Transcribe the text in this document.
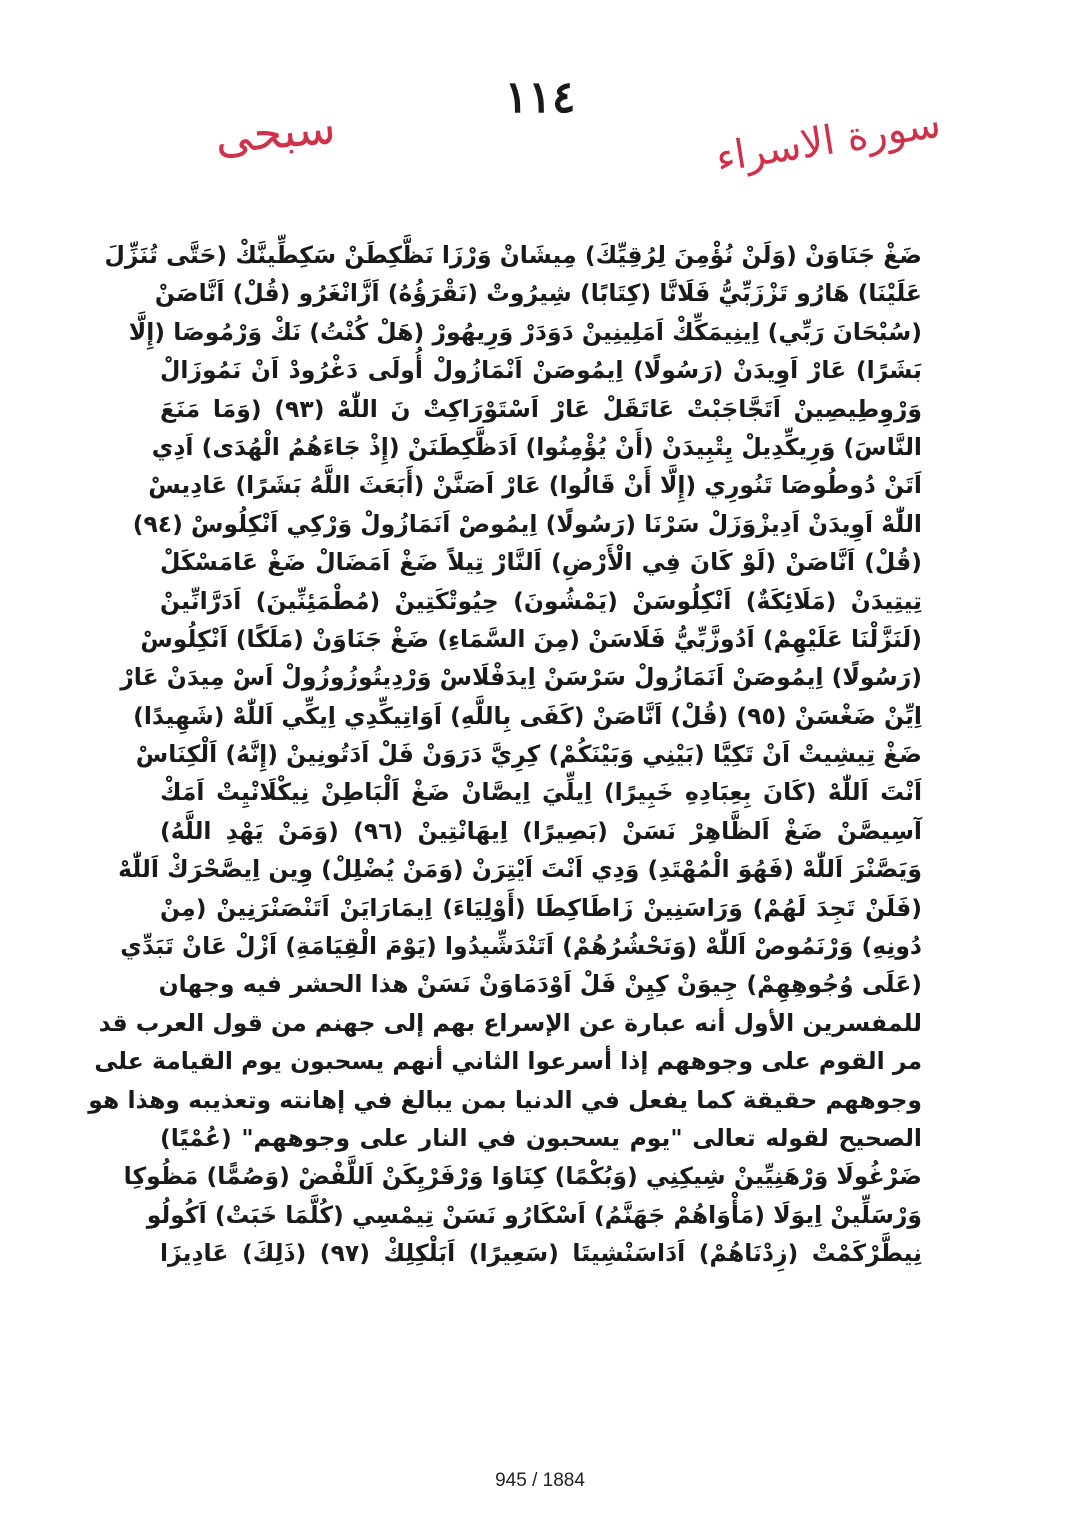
١١٤
سبحى	سورة الاسراء
ضَغْ جَنَاوَنْ (وَلَنْ نُؤْمِنَ لِرُقِيِّكَ) مِيشَانْ وَرْزَا نَظَّكِطَنْ سَكِطِّينَّكْ (حَتَّى تُنَزِّلَ
عَلَيْنَا) هَارُو تَزْزَبِّيُّ فَلَانَّا (كِتَابًا) شِيرُوتْ (نَقْرَؤُهُ) اَزَّانْغَرُو (قُلْ) اَنَّاصَنْ
(سُبْحَانَ رَبِّي) اِينِيمَكِّكْ اَمَلِينِينْ دَوَدَرْ وَرِيهُورْ (هَلْ كُنْتُ) نَكْ وَرْمُوصَا (إِلَّا
بَشَرًا) عَارْ اَوِيدَنْ (رَسُولًا) اِيمُوصَنْ اَنْمَازُولْ أُولَى دَغْرُودْ اَنْ نَمُوزَالْ
وَرْوِطِيصِينْ اَتَجَّاجَبْتْ عَاتَقَلْ عَارْ اَسْتَوْرَاكِتْ نَ اللّٰهْ (٩٣) (وَمَا مَنَعَ
النَّاسَ) وَرِيكِّدِيلْ يِتْبِيدَنْ (أَنْ يُؤْمِنُوا) اَدَظَّكِطَنَنْ (إِذْ جَاءَهُمُ الْهُدَى) اَدِي
اَتَنْ دُوطُوصَا تَنُورِي (إِلَّا أَنْ قَالُوا) عَارْ اَصَنَّنْ (أَبَعَثَ اللَّهُ بَشَرًا) عَادِيسْ
اللّٰهْ اَوِيدَنْ اَدِيزْوَزَلْ سَرْنَا (رَسُولًا) اِيمُوصْ اَنَمَازُولْ وَرْكِي اَنْكِلُوسْ (٩٤)
(قُلْ) اَنَّاصَنْ (لَوْ كَانَ فِي الْأَرْضِ) اَلنَّارْ تِيلاً ضَغْ اَمَضَالْ ضَغْ عَامَسْكَلْ
تِيتِيدَنْ (مَلَائِكَةٌ) اَنْكِلُوسَنْ (يَمْشُونَ) حِيُوتْكَتِينْ (مُطْمَئِنِّينَ) اَدَرَّانِّينْ
(لَنَزَّلْنَا عَلَيْهِمْ) اَدُوزَّبِّيُّ فَلَاسَنْ (مِنَ السَّمَاءِ) ضَغْ جَنَاوَنْ (مَلَكًا) اَنْكِلُوسْ
(رَسُولًا) اِيمُوصَنْ اَنَمَازُولْ سَرْسَنْ اِيدَفْلَاسْ وَرْدِيتُوزُوزُولْ اَسْ مِيدَنْ عَارْ
اِيِّنْ ضَغْسَنْ (٩٥) (قُلْ) اَنَّاصَنْ (كَفَى بِاللَّهِ) اَوَاتِيكِّدِي اِيكِّي اَللّٰهْ (شَهِيدًا)
ضَغْ تِيشِيتْ اَنْ تَكِيَّا (بَيْنِي وَبَيْنَكُمْ) كِرِيَّ دَرَوَنْ فَلْ اَدَتُونِينْ (إِنَّهُ) اَلْكِنَاسْ
اَنْتَ اَللّٰهْ (كَانَ بِعِبَادِهِ خَبِيرًا) اِيلِّيَ اِيصَّانْ ضَغْ اَلْبَاطِنْ نِيكْلَانْيِتْ اَمَكْ
آسِيصَّنْ ضَغْ اَلظَّاهِرْ نَسَنْ (بَصِيرًا) اِيهَانْتِينْ (٩٦) (وَمَنْ يَهْدِ اللَّهُ)
وَيَصَّنْرَ اَللّٰهْ (فَهُوَ الْمُهْتَدِ) وَدِي اَنْتَ اَيْتِرَنْ (وَمَنْ يُضْلِلْ) وِين اِيصَّحْرَكْ اَللّٰهْ
(فَلَنْ تَجِدَ لَهُمْ) وَرَاسَنِينْ زَاطَاكِطَا (أَوْلِيَاءَ) اِيمَارَايَنْ اَتَنْصَنْرَنِينْ (مِنْ
دُونِهِ) وَرْنَمُوصْ اَللّٰهْ (وَنَحْشُرُهُمْ) اَتَنْدَشِّيدُوا (يَوْمَ الْقِيَامَةِ) اَزْلْ عَانْ تَبَدِّي
(عَلَى وُجُوهِهِمْ) جِيوَنْ كِيِنْ فَلْ اَوْدَمَاوَنْ نَسَنْ هذا الحشر فيه وجهان
للمفسرين الأول أنه عبارة عن الإسراع بهم إلى جهنم من قول العرب قد
مر القوم على وجوههم إذا أسرعوا الثاني أنهم يسحبون يوم القيامة على
وجوههم حقيقة كما يفعل في الدنيا بمن يبالغ في إهانته وتعذيبه وهذا هو
الصحيح لقوله تعالى "يوم يسحبون في النار على وجوههم" (عُمْيًا)
ضَرْغُولَا وَرْهَنِيِّينْ شِيكِنِي (وَبُكْمًا) كِنَاوَا وَرْفَرْيِكَنْ اَللَّفْضْ (وَصُمًّا) مَظُوكِا
وَرْسَلِّينْ اِيوَلَا (مَأْوَاهُمْ جَهَنَّمُ) اَسْكَارُو نَسَنْ تِيمْسِي (كُلَّمَا خَبَتْ) اَكُولُو
نِيطَّرْكَمْتْ (زِدْنَاهُمْ) اَدَاسَنْشِيتَا (سَعِيرًا) اَبَلْكِلِكْ (٩٧) (ذَلِكَ) عَادِيزَا
945 / 1884
